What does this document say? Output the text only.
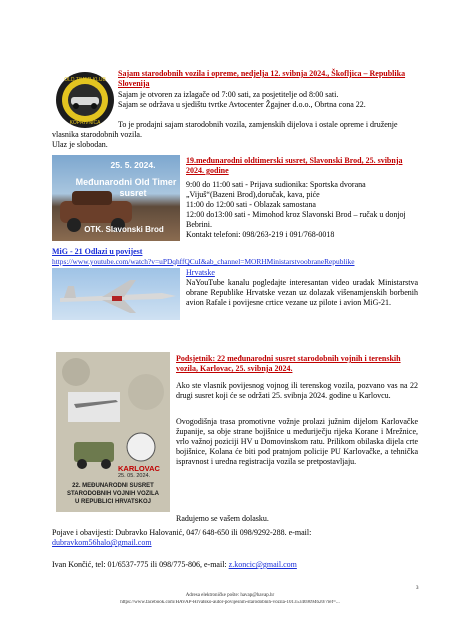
OLD TIMER KLUB
KOPRIVNICA
Sajam starodobnih vozila i opreme, nedjelja 12. svibnja 2024., Škofljica – Republika Slovenija
Sajam je otvoren za izlagače od 7:00 sati, za posjetitelje od 8:00 sati.
Sajam se održava u sjedištu tvrtke Avtocenter Žgajner d.o.o., Obrtna cona 22.
To je prodajni sajam starodobnih vozila, zamjenskih dijelova i ostale opreme i druženje vlasnika starodobnih vozila.
Ulaz je slobodan.
25. 5. 2024.
Međunarodni Old Timer
susret
OTK. Slavonski Brod
19.međunarodni oldtimerski susret, Slavonski Brod, 25. svibnja 2024. godine
9:00 do 11:00 sati - Prijava sudionika: Sportska dvorana „Vijuš“(Bazeni Brod),doručak, kava, piće
11:00 do 12:00 sati - Oblazak samostana
12:00 do13:00 sati - Mimohod kroz Slavonski Brod – ručak u donjoj Bebrini.
Kontakt telefoni: 098/263-219 i 091/768-0018
MiG - 21 Odlazi u povijest
https://www.youtube.com/watch?v=uPDqhffQCuI&ab_channel=MORHMinistarstvoobraneRepublike
Hrvatske
NaYouTube kanalu pogledajte interesantan video uradak Ministarstva obrane Republike Hrvatske vezan uz dolazak višenamjenskih borbenih avion Rafale i povijesne crtice vezane uz pilote i avion MiG-21.
KARLOVAC
25. 05. 2024.
22. MEĐUNARODNI SUSRET
STARODOBNIH VOJNIH VOZILA
U REPUBLICI HRVATSKOJ
Podsjetnik: 22 međunarodni susret starodobnih vojnih i terenskih vozila, Karlovac, 25. svibnja 2024.
Ako ste vlasnik povijesnog vojnog ili terenskog vozila, pozvano vas na 22 drugi susret koji će se održati 25. svibnja 2024. godine u Karlovcu.
Ovogodišnja trasa promotivne vožnje prolazi južnim dijelom Karlovačke županije, sa obje strane bojišnice u međuriječju rijeka Korane i Mrežnice, vrlo važnoj poziciji HV u Domovinskom ratu. Prilikom obilaska dijela crte bojišnice, Kolana će biti pod pratnjom policije PU Karlovačke, a tehnička ispravnost i uredna registracija vozila se pretpostavljaju.
Radujemo se vašem dolasku.
Pojave i obavijesti: Dubravko Halovanić, 047/ 648-650 ili 098/9292-288. e-mail:
dubravkom56halo@gmail.com
Ivan Končić, tel: 01/6537-775 ili 098/775-806, e-mail: z.koncic@gmail.com
3
Adresa elektroničke pošte: havap@havap.hr
https://www.facebook.com/HAVAP-Hrvatsko-autor-povijesnih-starodobnih-vozila-101353469094620/?ref=...
